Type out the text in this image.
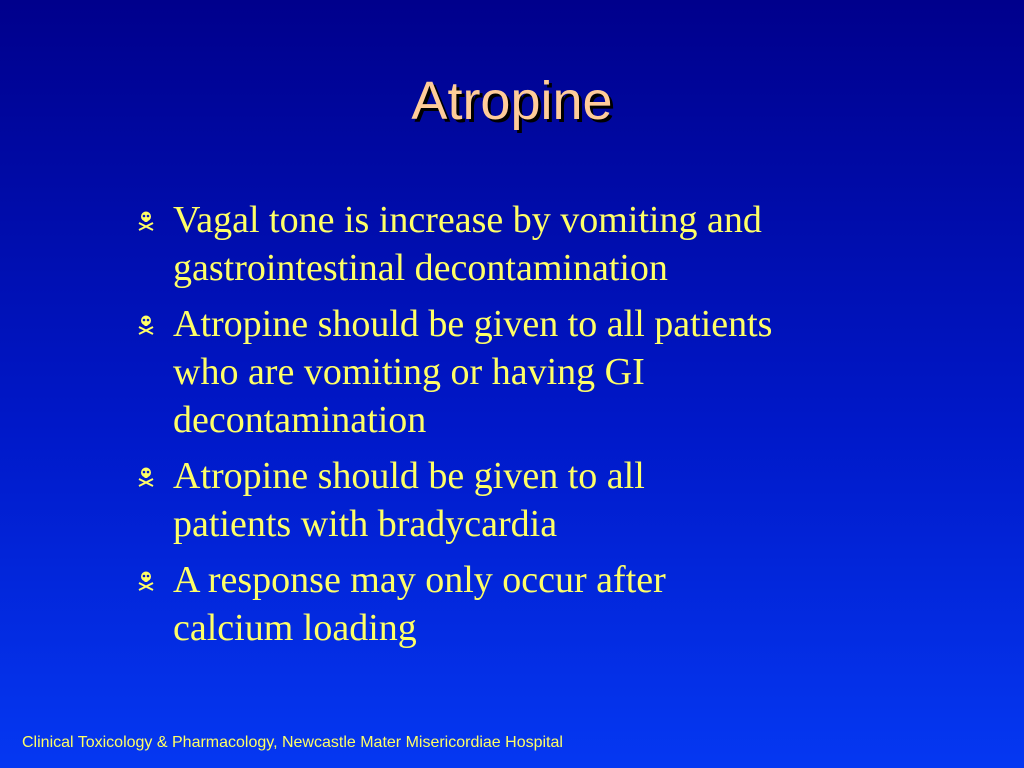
Atropine
Vagal tone is increase by vomiting and gastrointestinal decontamination
Atropine should be given to all patients who are vomiting or having GI decontamination
Atropine should be given to all patients with bradycardia
A response may only occur after calcium loading
Clinical Toxicology & Pharmacology, Newcastle Mater Misericordiae Hospital
